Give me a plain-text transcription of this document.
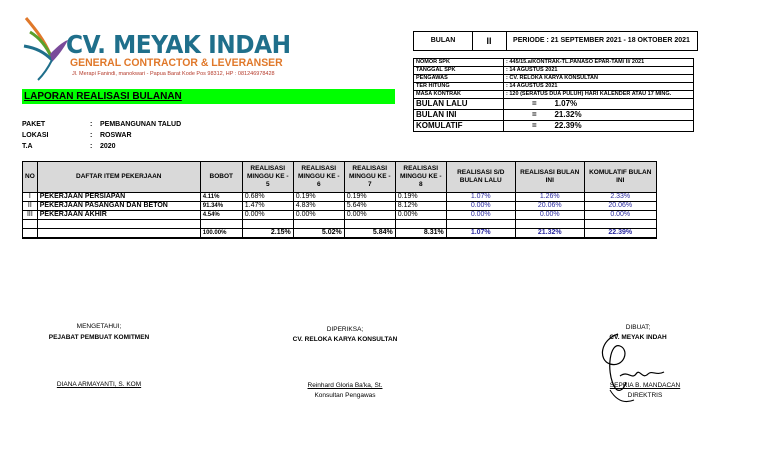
CV. MEYAK INDAH
GENERAL CONTRACTOR & LEVERANSER
Jl. Merapi Fanindi, manokwari - Papua Barat Kode Pos 98312, HP : 081246978428
LAPORAN REALISASI BULANAN
BULAN	II	PERIODE : 21 SEPTEMBER 2021 - 18 OKTOBER 2021
NOMOR SPK	: 445/15.a/KONTRAK-TL.PANASO EPAR-TAM/ II/ 2021
TANGGAL SPK	: 14 AGUSTUS 2021
PENGAWAS	: CV. RELOKA KARYA KONSULTAN
TER HITUNG	: 14 AGUSTUS 2021
MASA KONTRAK	: 120 (SERATUS DUA PULUH) HARI KALENDER ATAU 17 MING.
BULAN LALU	= 1.07%
BULAN INI	= 21.32%
KOMULATIF	= 22.39%
PAKET	: PEMBANGUNAN TALUD
LOKASI	: ROSWAR
T.A	: 2020
NO	DAFTAR ITEM PEKERJAAN	BOBOT	REALISASI MINGGU KE - 5	REALISASI MINGGU KE - 6	REALISASI MINGGU KE - 7	REALISASI MINGGU KE - 8	REALISASI S/D BULAN LALU	REALISASI BULAN INI	KOMULATIF BULAN INI
I	PEKERJAAN PERSIAPAN	4.11%	0.68%	0.19%	0.19%	0.19%	1.07%	1.26%	2.33%
II	PEKERJAAN PASANGAN DAN BETON	91.34%	1.47%	4.83%	5.64%	8.12%	0.00%	20.06%	20.06%
III	PEKERJAAN AKHIR	4.54%	0.00%	0.00%	0.00%	0.00%	0.00%	0.00%	0.00%

		100.00%	2.15%	5.02%	5.84%	8.31%	1.07%	21.32%	22.39%
MENGETAHUI;
PEJABAT PEMBUAT KOMITMEN
DIANA ARMAYANTI, S. KOM
DIPERIKSA;
CV. RELOKA KARYA KONSULTAN
Reinhard Gloria Ba'ka, St.
Konsultan Pengawas
DIBUAT;
CV. MEYAK INDAH
SEPRIA B. MANDACAN
DIREKTRIS
